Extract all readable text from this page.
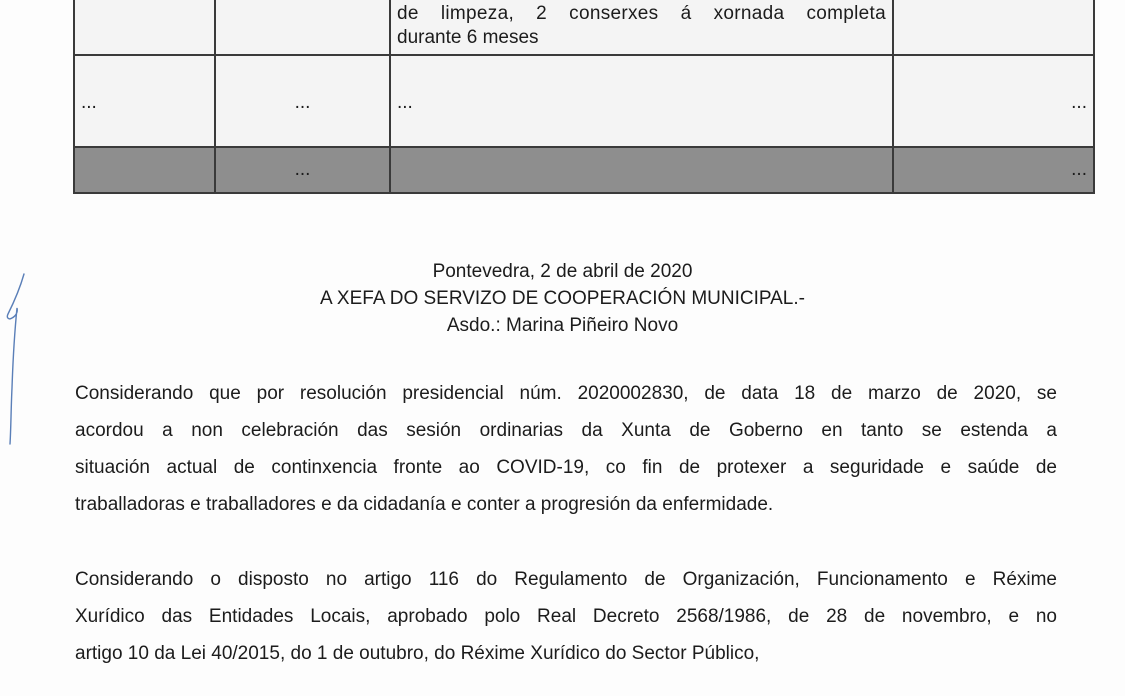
		de limpeza, 2 conserxes á xornada completa
durante 6 meses	

...	...	...	...
	...		...
Pontevedra, 2 de abril de 2020
A XEFA DO SERVIZO DE COOPERACIÓN MUNICIPAL.-
Asdo.: Marina Piñeiro Novo

Considerando que por resolución presidencial núm. 2020002830, de data 18 de marzo de 2020, se
acordou a non celebración das sesión ordinarias da Xunta de Goberno en tanto se estenda a
situación actual de continxencia fronte ao COVID-19, co fin de protexer a seguridade e saúde de
traballadoras e traballadores e da cidadanía e conter a progresión da enfermidade.

Considerando o disposto no artigo 116 do Regulamento de Organización, Funcionamento e Réxime
Xurídico das Entidades Locais, aprobado polo Real Decreto 2568/1986, de 28 de novembro, e no
artigo 10 da Lei 40/2015, do 1 de outubro, do Réxime Xurídico do Sector Público,
